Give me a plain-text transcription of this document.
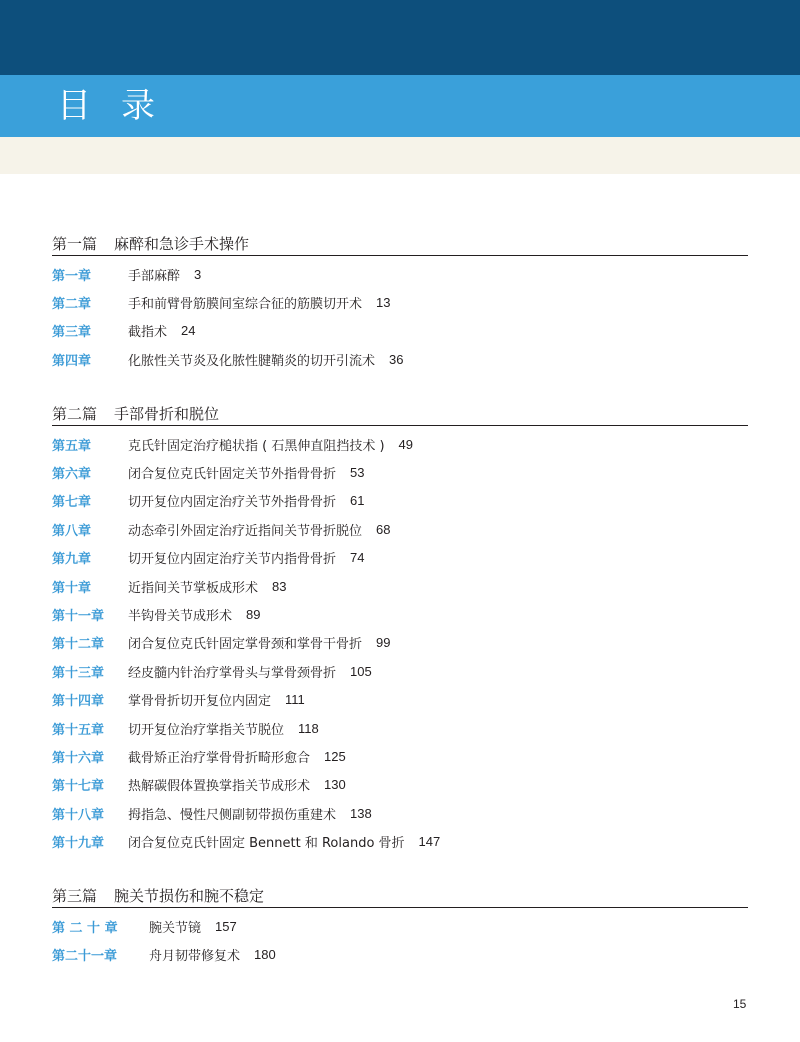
目录
第一篇 麻醉和急诊手术操作
第一章	手部麻醉 3
第二章	手和前臂骨筋膜间室综合征的筋膜切开术 13
第三章	截指术 24
第四章	化脓性关节炎及化脓性腱鞘炎的切开引流术 36
第二篇 手部骨折和脱位
第五章	克氏针固定治疗槌状指 ( 石黑伸直阻挡技术 ) 49
第六章	闭合复位克氏针固定关节外指骨骨折 53
第七章	切开复位内固定治疗关节外指骨骨折 61
第八章	动态牵引外固定治疗近指间关节骨折脱位 68
第九章	切开复位内固定治疗关节内指骨骨折 74
第十章	近指间关节掌板成形术 83
第十一章	半钩骨关节成形术 89
第十二章	闭合复位克氏针固定掌骨颈和掌骨干骨折 99
第十三章	经皮髓内针治疗掌骨头与掌骨颈骨折 105
第十四章	掌骨骨折切开复位内固定 111
第十五章	切开复位治疗掌指关节脱位 118
第十六章	截骨矫正治疗掌骨骨折畸形愈合 125
第十七章	热解碳假体置换掌指关节成形术 130
第十八章	拇指急、慢性尺侧副韧带损伤重建术 138
第十九章	闭合复位克氏针固定 Bennett 和 Rolando 骨折 147
第三篇 腕关节损伤和腕不稳定
第 二 十 章	腕关节镜 157
第二十一章	舟月韧带修复术 180
15
